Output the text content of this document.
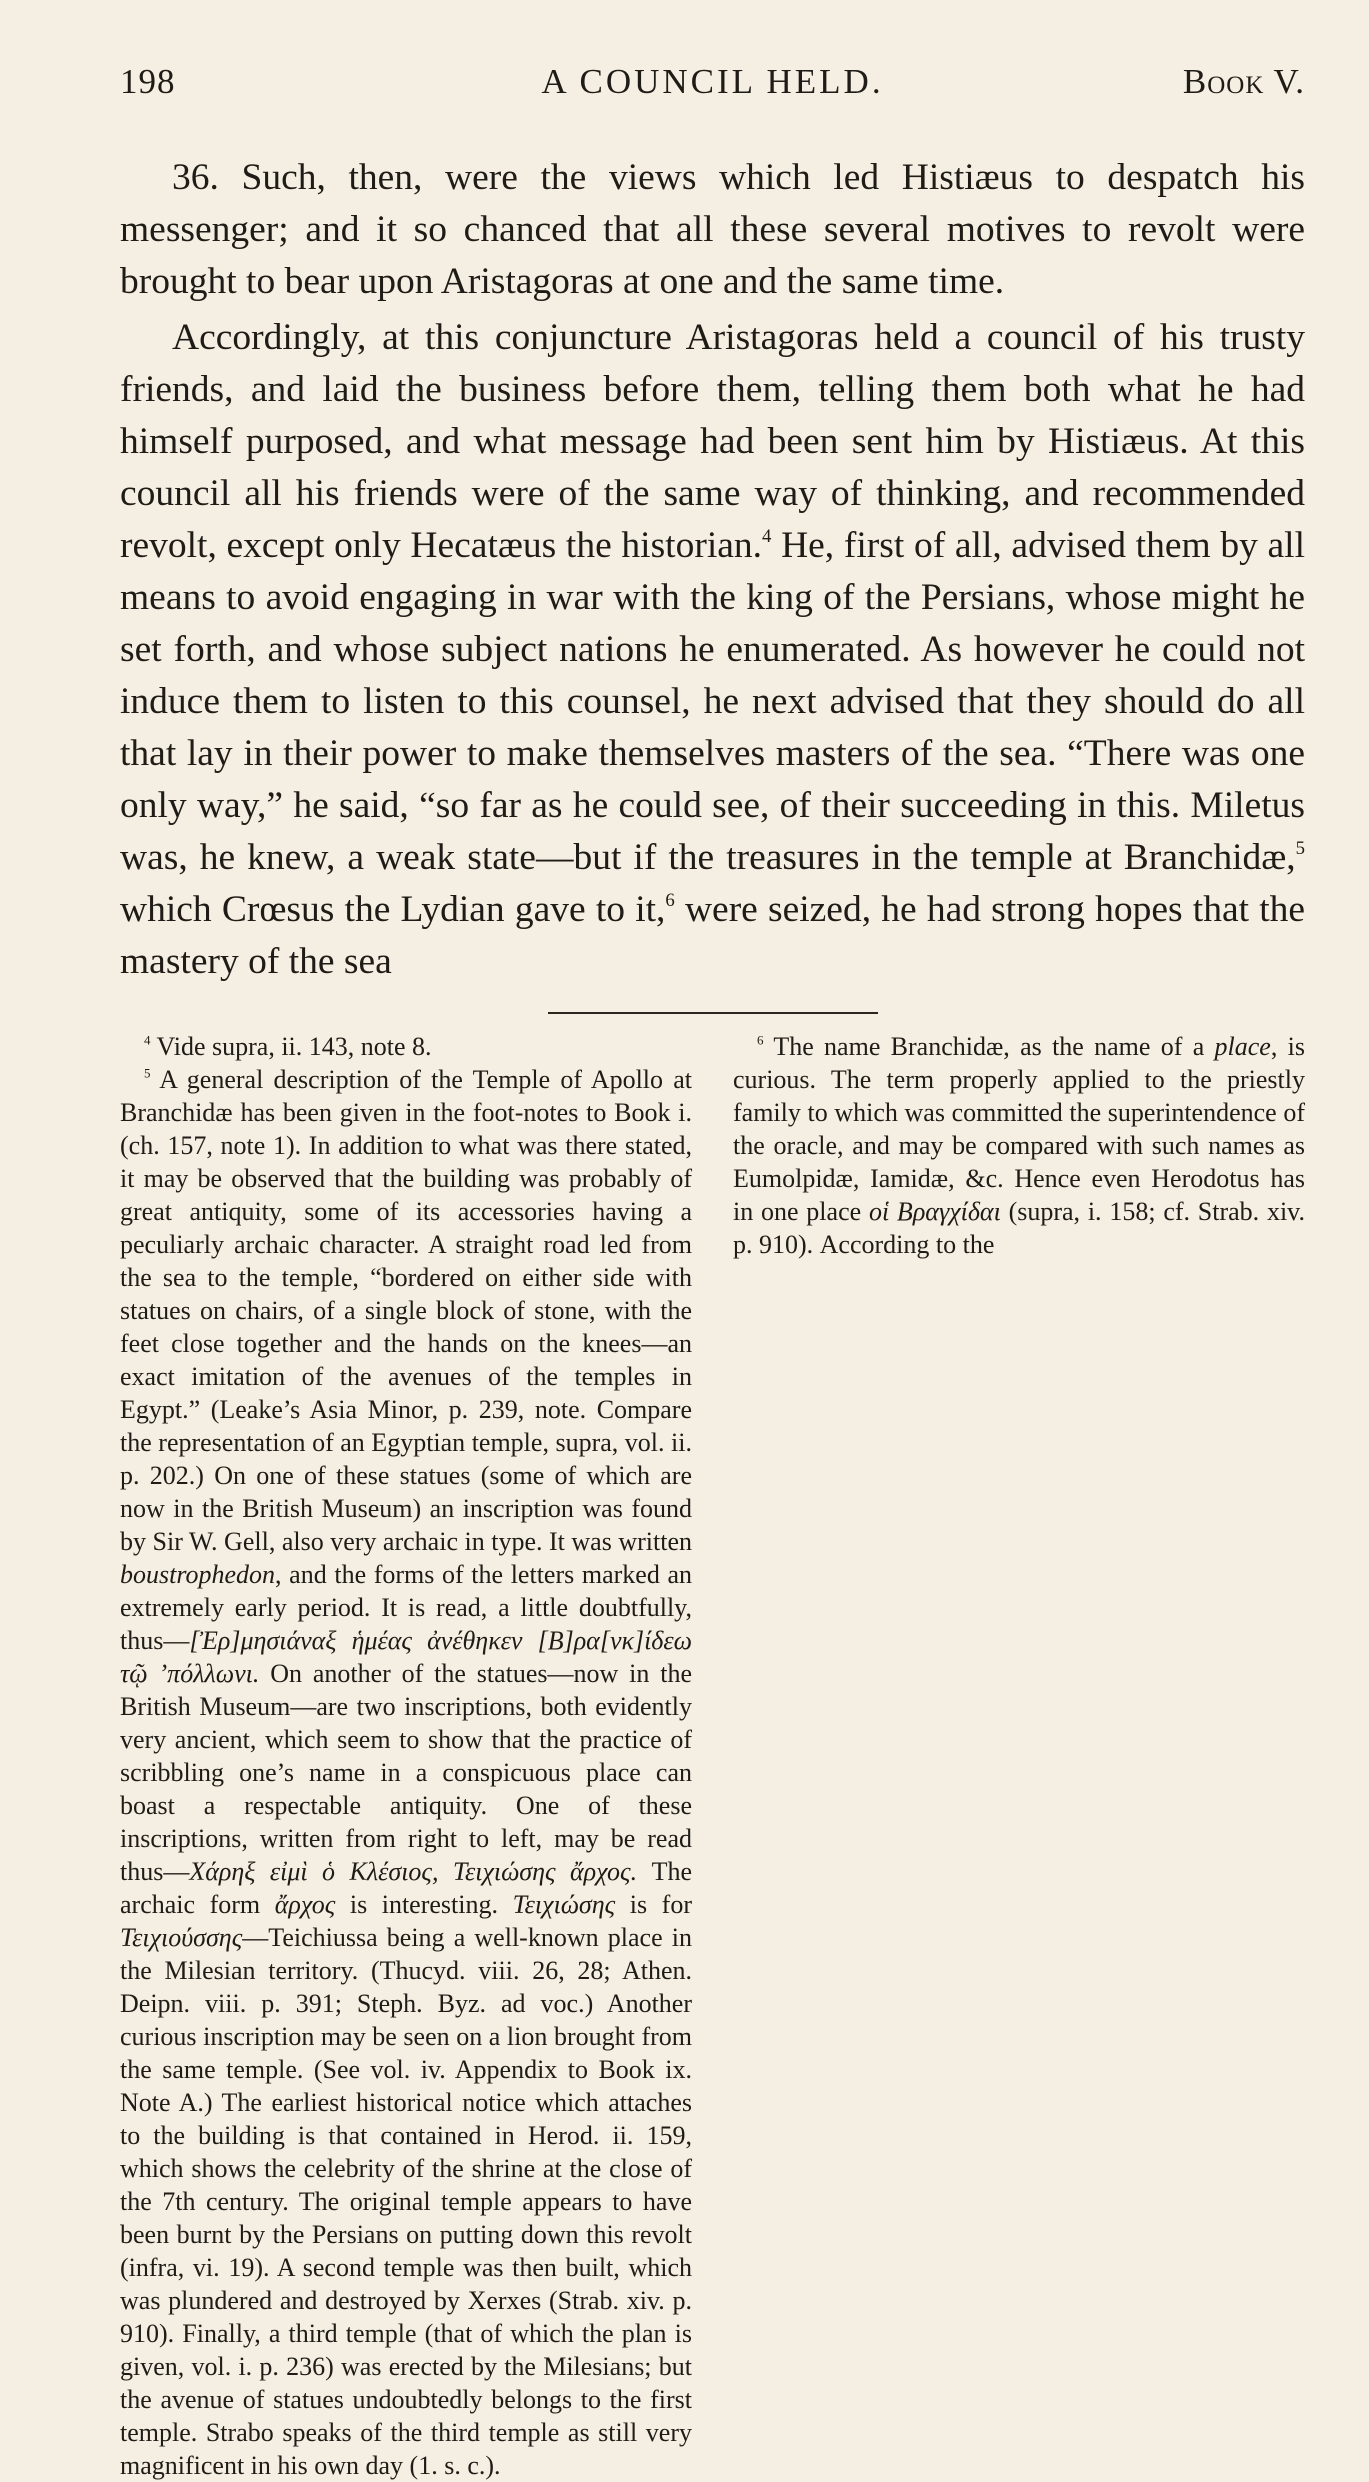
198	A COUNCIL HELD.	Book V.

36. Such, then, were the views which led Histiæus to despatch his messenger; and it so chanced that all these several motives to revolt were brought to bear upon Aristagoras at one and the same time.

Accordingly, at this conjuncture Aristagoras held a council of his trusty friends, and laid the business before them, telling them both what he had himself purposed, and what message had been sent him by Histiæus. At this council all his friends were of the same way of thinking, and recommended revolt, except only Hecatæus the historian.$^4$ He, first of all, advised them by all means to avoid engaging in war with the king of the Persians, whose might he set forth, and whose subject nations he enumerated. As however he could not induce them to listen to this counsel, he next advised that they should do all that lay in their power to make themselves masters of the sea. “There was one only way,” he said, “so far as he could see, of their succeeding in this. Miletus was, he knew, a weak state—but if the treasures in the temple at Branchidæ,$^5$ which Crœsus the Lydian gave to it,$^6$ were seized, he had strong hopes that the mastery of the sea

$^4$ Vide supra, ii. 143, note 8.

$^5$ A general description of the Temple of Apollo at Branchidæ has been given in the foot-notes to Book i. (ch. 157, note 1). In addition to what was there stated, it may be observed that the building was probably of great antiquity, some of its accessories having a peculiarly archaic character. A straight road led from the sea to the temple, “bordered on either side with statues on chairs, of a single block of stone, with the feet close together and the hands on the knees—an exact imitation of the avenues of the temples in Egypt.” (Leake’s Asia Minor, p. 239, note. Compare the representation of an Egyptian temple, supra, vol. ii. p. 202.) On one of these statues (some of which are now in the British Museum) an inscription was found by Sir W. Gell, also very archaic in type. It was written boustrophedon, and the forms of the letters marked an extremely early period. It is read, a little doubtfully, thus—[Ἐρ]μησιάναξ ἡμέας ἀνέθηκεν [Β]ρα[νκ]ίδεω τῷ ’πόλλωνι. On another of the statues—now in the British Museum—are two inscriptions, both evidently very ancient, which seem to show that the practice of scribbling one’s name in a conspicuous place can boast a respectable antiquity. One of these inscriptions, written from right to left, may be read thus—Χάρηξ εἰμὶ ὁ Κλέσιος, Τειχιώσης ἄρχος. The archaic form ἄρχος is interesting. Τειχιώσης is for Τειχιούσσης—Teichiussa being a well-known place in the Milesian territory. (Thucyd. viii. 26, 28; Athen. Deipn. viii. p. 391; Steph. Byz. ad voc.) Another curious inscription may be seen on a lion brought from the same temple. (See vol. iv. Appendix to Book ix. Note A.) The earliest historical notice which attaches to the building is that contained in Herod. ii. 159, which shows the celebrity of the shrine at the close of the 7th century. The original temple appears to have been burnt by the Persians on putting down this revolt (infra, vi. 19). A second temple was then built, which was plundered and destroyed by Xerxes (Strab. xiv. p. 910). Finally, a third temple (that of which the plan is given, vol. i. p. 236) was erected by the Milesians; but the avenue of statues undoubtedly belongs to the first temple. Strabo speaks of the third temple as still very magnificent in his own day (1. s. c.).

$^6$ The name Branchidæ, as the name of a place, is curious. The term properly applied to the priestly family to which was committed the superintendence of the oracle, and may be compared with such names as Eumolpidæ, Iamidæ, &c. Hence even Herodotus has in one place οἱ Βραγχίδαι (supra, i. 158; cf. Strab. xiv. p. 910). According to the
